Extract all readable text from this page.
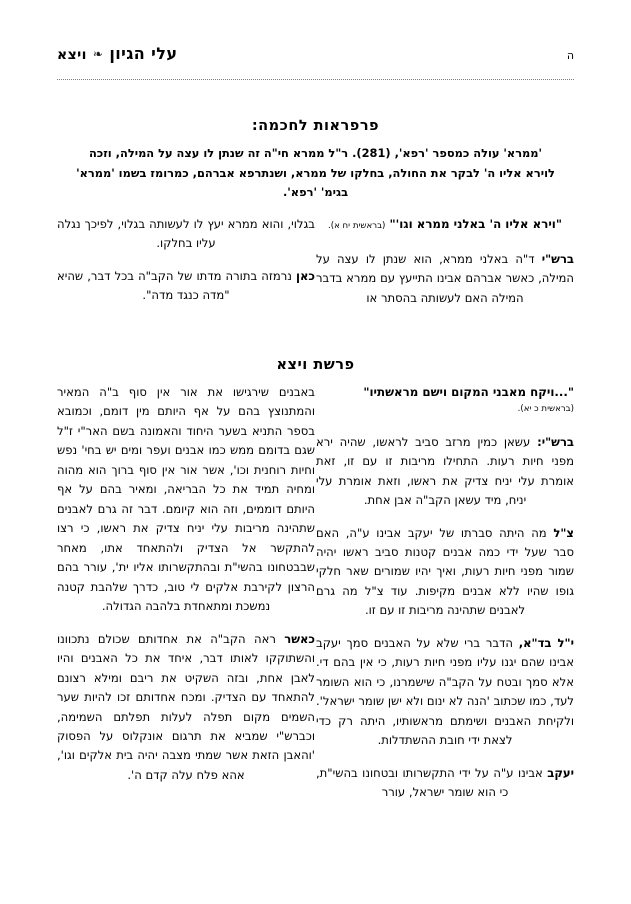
עלי הגיון
❧
ויצא	ה
פרפראות לחכמה:
'ממרא' עולה כמספר 'רפא', (281). ר"ל ממרא חי"ה זה שנתן לו עצה על המילה, וזכה לוירא אליו ה' לבקר את החולה, בחלקו של ממרא, ושנתרפא אברהם, כמרומז בשמו 'ממרא' בגימ' 'רפא'.

"וירא אליו ה' באלני ממרא וגו'" (בראשית יח א).

ברש"י ד"ה באלני ממרא, הוא שנתן לו עצה על המילה, כאשר אברהם אבינו התייעץ עם ממרא בדבר המילה האם לעשותה בהסתר או

בגלוי, והוא ממרא יעץ לו לעשותה בגלוי, לפיכך נגלה עליו בחלקו.

כאן נרמזה בתורה מדתו של הקב"ה בכל דבר, שהיא "מדה כנגד מדה".

פרשת ויצא

"...ויקח מאבני המקום וישם מראשתיו"
(בראשית כ יא).

ברש"י: עשאן כמין מרזב סביב לראשו, שהיה ירא מפני חיות רעות. התחילו מריבות זו עם זו, זאת אומרת עלי יניח צדיק את ראשו, וזאת אומרת עלי יניח, מיד עשאן הקב"ה אבן אחת.

צ"ל מה היתה סברתו של יעקב אבינו ע"ה, האם סבר שעל ידי כמה אבנים קטנות סביב ראשו יהיה שמור מפני חיות רעות, ואיך יהיו שמורים שאר חלקי גופו שהיו ללא אבנים מקיפות. עוד צ"ל מה גרם לאבנים שתהינה מריבות זו עם זו.

י"ל בד"א, הדבר ברי שלא על האבנים סמך יעקב אבינו שהם יגנו עליו מפני חיות רעות, כי אין בהם די. אלא סמך ובטח על הקב"ה שישמרנו, כי הוא השומר לעד, כמו שכתוב 'הנה לא ינום ולא ישן שומר ישראל'. ולקיחת האבנים ושימתם מראשותיו, היתה רק כדי לצאת ידי חובת ההשתדלות.

יעקב אבינו ע"ה על ידי התקשרותו ובטחונו בהשי"ת, כי הוא שומר ישראל, עורר

באבנים שירגישו את אור אין סוף ב"ה המאיר והמתנוצץ בהם על אף היותם מין דומם, וכמובא בספר התניא בשער היחוד והאמונה בשם האר"י ז"ל שגם בדומם ממש כמו אבנים ועפר ומים יש בחי' נפש וחיות רוחנית וכו', אשר אור אין סוף ברוך הוא מהוה ומחיה תמיד את כל הבריאה, ומאיר בהם על אף היותם דוממים, וזה הוא קיומם. דבר זה גרם לאבנים שתהינה מריבות עלי יניח צדיק את ראשו, כי רצו להתקשר אל הצדיק ולהתאחד אתו, מאחר שבבטחונו בהשי"ת ובהתקשרותו אליו ית', עורר בהם הרצון לקירבת אלקים לי טוב, כדרך שלהבת קטנה נמשכת ומתאחדת בלהבה הגדולה.

כאשר ראה הקב"ה את אחדותם שכולם נתכוונו והשתוקקו לאותו דבר, איחד את כל האבנים והיו לאבן אחת, ובזה השקיט את ריבם ומילא רצונם להתאחד עם הצדיק. ומכח אחדותם זכו להיות שער השמים מקום תפלה לעלות תפלתם השמימה, וכברש"י שמביא את תרגום אונקלוס על הפסוק 'והאבן הזאת אשר שמתי מצבה יהיה בית אלקים וגו', אהא פלח עלה קדם ה'.
